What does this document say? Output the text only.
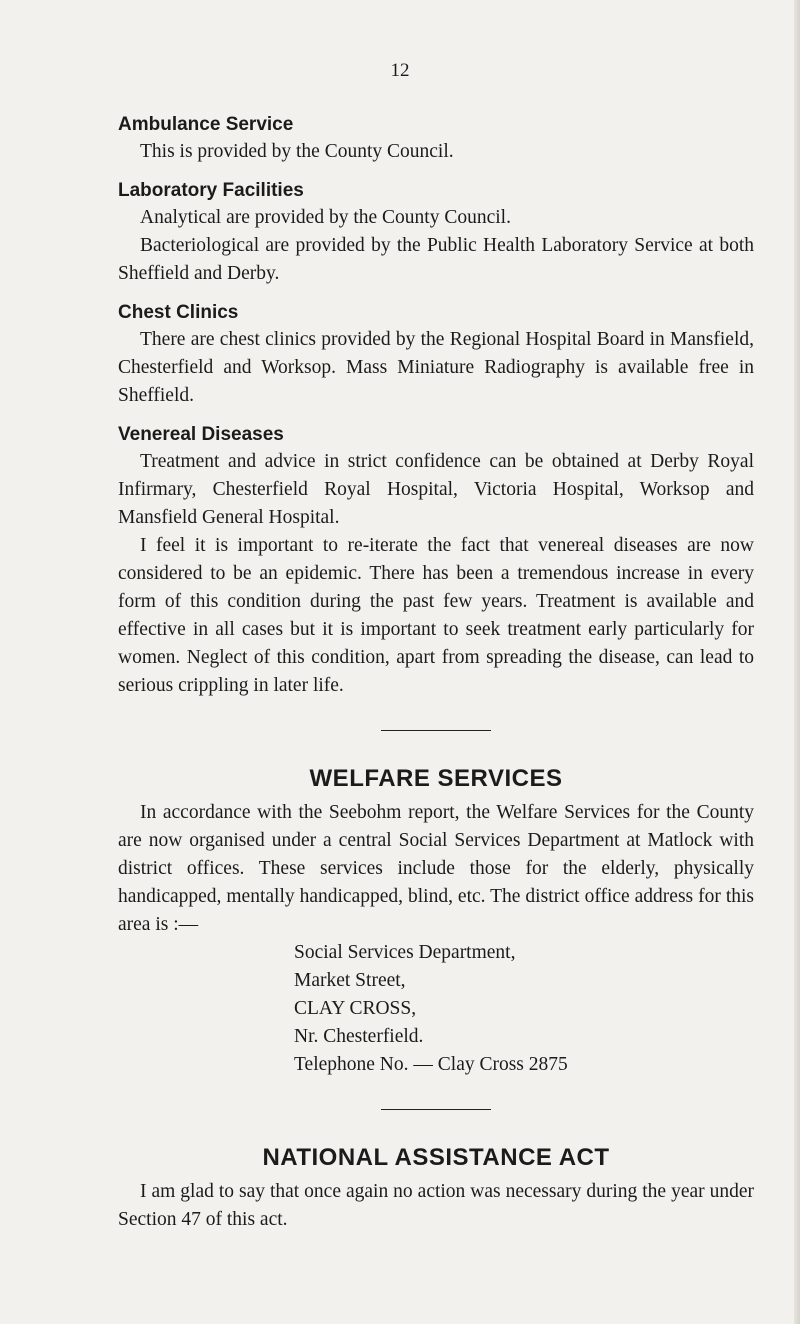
12
Ambulance Service

This is provided by the County Council.

Laboratory Facilities

Analytical are provided by the County Council.

Bacteriological are provided by the Public Health Laboratory Service at both Sheffield and Derby.

Chest Clinics

There are chest clinics provided by the Regional Hospital Board in Mansfield, Chesterfield and Worksop. Mass Miniature Radiography is available free in Sheffield.

Venereal Diseases

Treatment and advice in strict confidence can be obtained at Derby Royal Infirmary, Chesterfield Royal Hospital, Victoria Hospital, Worksop and Mansfield General Hospital.

I feel it is important to re-iterate the fact that venereal diseases are now considered to be an epidemic. There has been a tremendous increase in every form of this condition during the past few years. Treatment is available and effective in all cases but it is important to seek treatment early particularly for women. Neglect of this condition, apart from spreading the disease, can lead to serious crippling in later life.

WELFARE SERVICES

In accordance with the Seebohm report, the Welfare Services for the County are now organised under a central Social Services Department at Matlock with district offices. These services include those for the elderly, physically handicapped, mentally handicapped, blind, etc. The district office address for this area is :—

Social Services Department,
Market Street,
CLAY CROSS,
Nr. Chesterfield.
Telephone No. — Clay Cross 2875
NATIONAL ASSISTANCE ACT

I am glad to say that once again no action was necessary during the year under Section 47 of this act.
